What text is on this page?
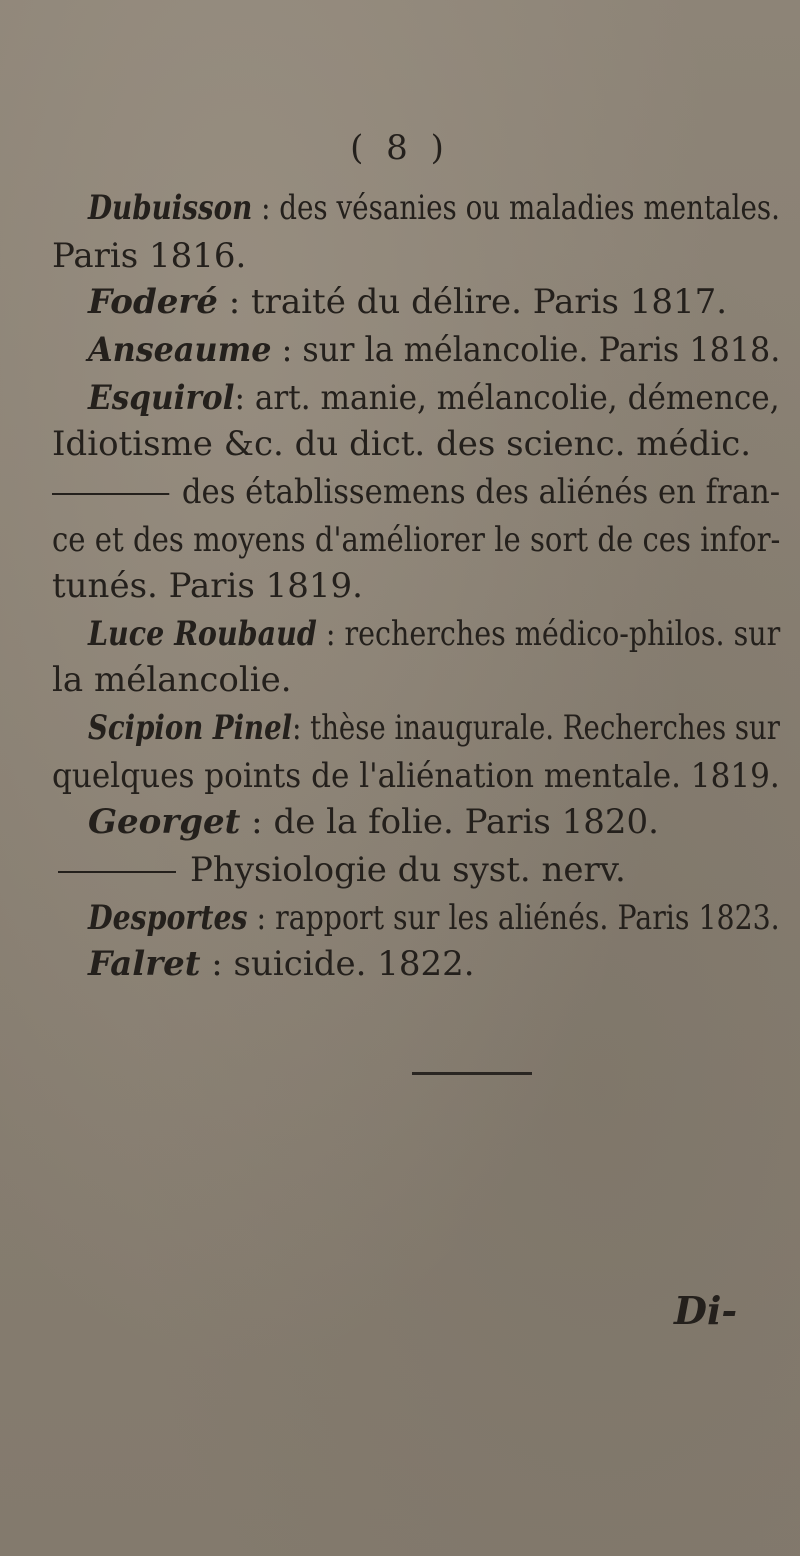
( 8 )
Dubuisson : des vésanies ou maladies mentales.
Paris 1816.
Foderé : traité du délire. Paris 1817.
Anseaume : sur la mélancolie. Paris 1818.
Esquirol: art. manie, mélancolie, démence,
Idiotisme &c. du dict. des scienc. médic.
des établissemens des aliénés en fran-
ce et des moyens d'améliorer le sort de ces infor-
tunés. Paris 1819.
Luce Roubaud : recherches médico-philos. sur
la mélancolie.
Scipion Pinel: thèse inaugurale. Recherches sur
quelques points de l'aliénation mentale. 1819.
Georget : de la folie. Paris 1820.
Physiologie du syst. nerv.
Desportes : rapport sur les aliénés. Paris 1823.
Falret : suicide. 1822.
Di-
